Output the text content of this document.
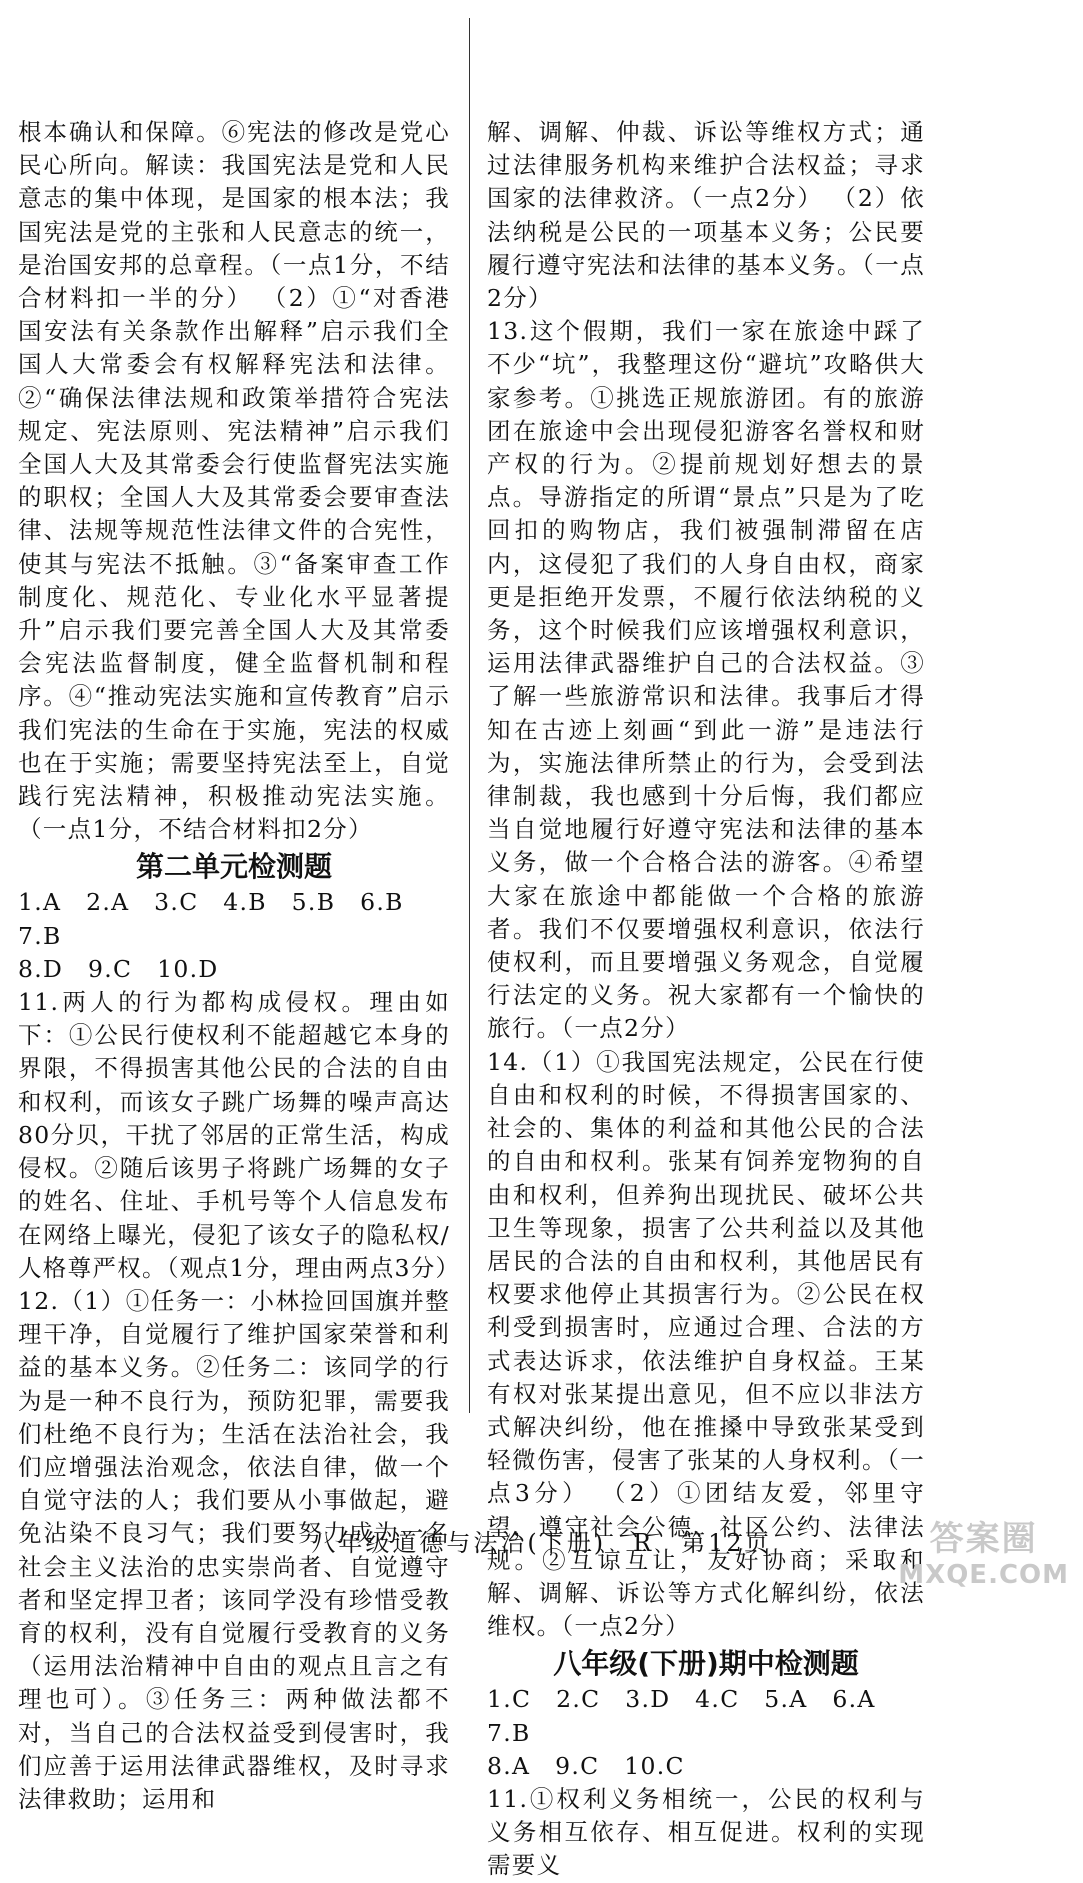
根本确认和保障。⑥宪法的修改是党心民心所向。解读：我国宪法是党和人民意志的集中体现，是国家的根本法；我国宪法是党的主张和人民意志的统一，是治国安邦的总章程。（一点1分，不结合材料扣一半的分） （2）①“对香港国安法有关条款作出解释”启示我们全国人大常委会有权解释宪法和法律。②“确保法律法规和政策举措符合宪法规定、宪法原则、宪法精神”启示我们全国人大及其常委会行使监督宪法实施的职权；全国人大及其常委会要审查法律、法规等规范性法律文件的合宪性，使其与宪法不抵触。③“备案审查工作制度化、规范化、专业化水平显著提升”启示我们要完善全国人大及其常委会宪法监督制度，健全监督机制和程序。④“推动宪法实施和宣传教育”启示我们宪法的生命在于实施，宪法的权威也在于实施；需要坚持宪法至上，自觉践行宪法精神，积极推动宪法实施。（一点1分，不结合材料扣2分）

第二单元检测题

1.A　2.A　3.C　4.B　5.B　6.B　7.B

8.D　9.C　10.D

11.两人的行为都构成侵权。理由如下：①公民行使权利不能超越它本身的界限，不得损害其他公民的合法的自由和权利，而该女子跳广场舞的噪声高达80分贝，干扰了邻居的正常生活，构成侵权。②随后该男子将跳广场舞的女子的姓名、住址、手机号等个人信息发布在网络上曝光，侵犯了该女子的隐私权/人格尊严权。（观点1分，理由两点3分）

12.（1）①任务一：小林捡回国旗并整理干净，自觉履行了维护国家荣誉和利益的基本义务。②任务二：该同学的行为是一种不良行为，预防犯罪，需要我们杜绝不良行为；生活在法治社会，我们应增强法治观念，依法自律，做一个自觉守法的人；我们要从小事做起，避免沾染不良习气；我们要努力成为一名社会主义法治的忠实崇尚者、自觉遵守者和坚定捍卫者；该同学没有珍惜受教育的权利，没有自觉履行受教育的义务（运用法治精神中自由的观点且言之有理也可）。③任务三：两种做法都不对，当自己的合法权益受到侵害时，我们应善于运用法律武器维权，及时寻求法律救助；运用和

解、调解、仲裁、诉讼等维权方式；通过法律服务机构来维护合法权益；寻求国家的法律救济。（一点2分） （2）依法纳税是公民的一项基本义务；公民要履行遵守宪法和法律的基本义务。（一点2分）

13.这个假期，我们一家在旅途中踩了不少“坑”，我整理这份“避坑”攻略供大家参考。①挑选正规旅游团。有的旅游团在旅途中会出现侵犯游客名誉权和财产权的行为。②提前规划好想去的景点。导游指定的所谓“景点”只是为了吃回扣的购物店，我们被强制滞留在店内，这侵犯了我们的人身自由权，商家更是拒绝开发票，不履行依法纳税的义务，这个时候我们应该增强权利意识，运用法律武器维护自己的合法权益。③了解一些旅游常识和法律。我事后才得知在古迹上刻画“到此一游”是违法行为，实施法律所禁止的行为，会受到法律制裁，我也感到十分后悔，我们都应当自觉地履行好遵守宪法和法律的基本义务，做一个合格合法的游客。④希望大家在旅途中都能做一个合格的旅游者。我们不仅要增强权利意识，依法行使权利，而且要增强义务观念，自觉履行法定的义务。祝大家都有一个愉快的旅行。（一点2分）

14.（1）①我国宪法规定，公民在行使自由和权利的时候，不得损害国家的、社会的、集体的利益和其他公民的合法的自由和权利。张某有饲养宠物狗的自由和权利，但养狗出现扰民、破坏公共卫生等现象，损害了公共利益以及其他居民的合法的自由和权利，其他居民有权要求他停止其损害行为。②公民在权利受到损害时，应通过合理、合法的方式表达诉求，依法维护自身权益。王某有权对张某提出意见，但不应以非法方式解决纠纷，他在推搡中导致张某受到轻微伤害，侵害了张某的人身权利。（一点3分） （2）①团结友爱，邻里守望，遵守社会公德、社区公约、法律法规。②互谅互让，友好协商；采取和解、调解、诉讼等方式化解纠纷，依法维权。（一点2分）

八年级(下册)期中检测题

1.C　2.C　3.D　4.C　5.A　6.A　7.B

8.A　9.C　10.C

11.①权利义务相统一，公民的权利与义务相互依存、相互促进。权利的实现需要义

八年级道德与法治(下册)　R　第12页	答案圈
MXQE.COM
